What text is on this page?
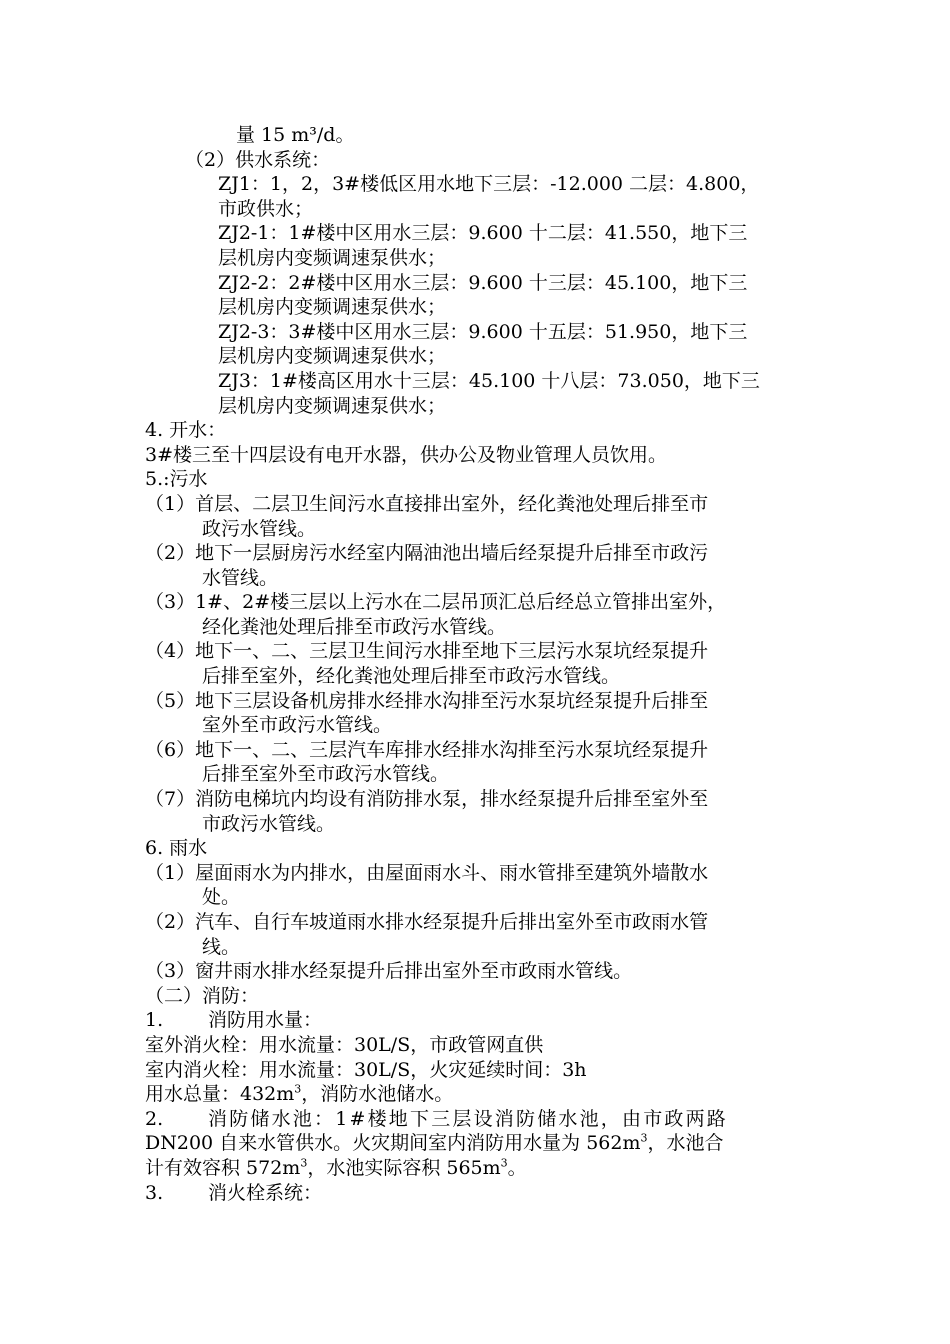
量 15 m³/d。
（2）供水系统：
ZJ1：1，2，3#楼低区用水地下三层：-12.000 二层：4.800，
市政供水；
ZJ2-1：1#楼中区用水三层：9.600 十二层：41.550，地下三
层机房内变频调速泵供水；
ZJ2-2：2#楼中区用水三层：9.600 十三层：45.100，地下三
层机房内变频调速泵供水；
ZJ2-3：3#楼中区用水三层：9.600 十五层：51.950，地下三
层机房内变频调速泵供水；
ZJ3：1#楼高区用水十三层：45.100 十八层：73.050，地下三
层机房内变频调速泵供水；
4. 开水：
3#楼三至十四层设有电开水器，供办公及物业管理人员饮用。
5.:污水
（1）首层、二层卫生间污水直接排出室外，经化粪池处理后排至市
政污水管线。
（2）地下一层厨房污水经室内隔油池出墙后经泵提升后排至市政污
水管线。
（3）1#、2#楼三层以上污水在二层吊顶汇总后经总立管排出室外，
经化粪池处理后排至市政污水管线。
（4）地下一、二、三层卫生间污水排至地下三层污水泵坑经泵提升
后排至室外，经化粪池处理后排至市政污水管线。
（5）地下三层设备机房排水经排水沟排至污水泵坑经泵提升后排至
室外至市政污水管线。
（6）地下一、二、三层汽车库排水经排水沟排至污水泵坑经泵提升
后排至室外至市政污水管线。
（7）消防电梯坑内均设有消防排水泵，排水经泵提升后排至室外至
市政污水管线。
6. 雨水
（1）屋面雨水为内排水，由屋面雨水斗、雨水管排至建筑外墙散水
处。
（2）汽车、自行车坡道雨水排水经泵提升后排出室外至市政雨水管
线。
（3）窗井雨水排水经泵提升后排出室外至市政雨水管线。
（二）消防：
1. 消防用水量：
室外消火栓：用水流量：30L/S，市政管网直供
室内消火栓：用水流量：30L/S，火灾延续时间：3h
用水总量：$432m^3$，消防水池储水。
2. 消防储水池：1#楼地下三层设消防储水池，由市政两路
DN200 自来水管供水。火灾期间室内消防用水量为 $562m^3$，水池合
计有效容积 $572m^3$，水池实际容积 $565m^3$。
3. 消火栓系统：
